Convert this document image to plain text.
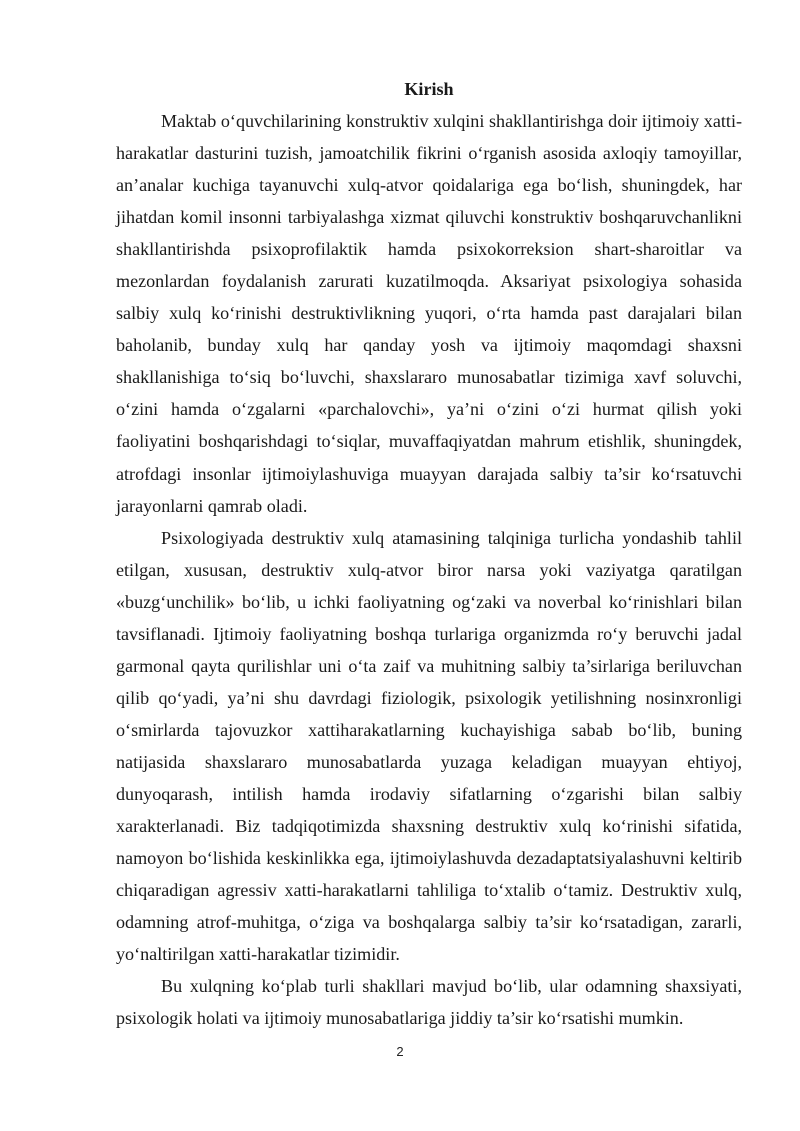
Kirish

Maktab o‘quvchilarining konstruktiv xulqini shakllantirishga doir ijtimoiy xatti-harakatlar dasturini tuzish, jamoatchilik fikrini o‘rganish asosida axloqiy tamoyillar, an’analar kuchiga tayanuvchi xulq-atvor qoidalariga ega bo‘lish, shuningdek, har jihatdan komil insonni tarbiyalashga xizmat qiluvchi konstruktiv boshqaruvchanlikni shakllantirishda psixoprofilaktik hamda psixokorreksion shart-sharoitlar va mezonlardan foydalanish zarurati kuzatilmoqda. Aksariyat psixologiya sohasida salbiy xulq ko‘rinishi destruktivlikning yuqori, o‘rta hamda past darajalari bilan baholanib, bunday xulq har qanday yosh va ijtimoiy maqomdagi shaxsni shakllanishiga to‘siq bo‘luvchi, shaxslararo munosabatlar tizimiga xavf soluvchi, o‘zini hamda o‘zgalarni «parchalovchi», ya’ni o‘zini o‘zi hurmat qilish yoki faoliyatini boshqarishdagi to‘siqlar, muvaffaqiyatdan mahrum etishlik, shuningdek, atrofdagi insonlar ijtimoiylashuviga muayyan darajada salbiy ta’sir ko‘rsatuvchi jarayonlarni qamrab oladi.

Psixologiyada destruktiv xulq atamasining talqiniga turlicha yondashib tahlil etilgan, xususan, destruktiv xulq-atvor biror narsa yoki vaziyatga qaratilgan «buzg‘unchilik» bo‘lib, u ichki faoliyatning og‘zaki va noverbal ko‘rinishlari bilan tavsiflanadi. Ijtimoiy faoliyatning boshqa turlariga organizmda ro‘y beruvchi jadal garmonal qayta qurilishlar uni o‘ta zaif va muhitning salbiy ta’sirlariga beriluvchan qilib qo‘yadi, ya’ni shu davrdagi fiziologik, psixologik yetilishning nosinxronligi o‘smirlarda tajovuzkor xattiharakatlarning kuchayishiga sabab bo‘lib, buning natijasida shaxslararo munosabatlarda yuzaga keladigan muayyan ehtiyoj, dunyoqarash, intilish hamda irodaviy sifatlarning o‘zgarishi bilan salbiy xarakterlanadi. Biz tadqiqotimizda shaxsning destruktiv xulq ko‘rinishi sifatida, namoyon bo‘lishida keskinlikka ega, ijtimoiylashuvda dezadaptatsiyalashuvni keltirib chiqaradigan agressiv xatti-harakatlarni tahliliga to‘xtalib o‘tamiz. Destruktiv xulq, odamning atrof-muhitga, o‘ziga va boshqalarga salbiy ta’sir ko‘rsatadigan, zararli, yo‘naltirilgan xatti-harakatlar tizimidir.

Bu xulqning ko‘plab turli shakllari mavjud bo‘lib, ular odamning shaxsiyati, psixologik holati va ijtimoiy munosabatlariga jiddiy ta’sir ko‘rsatishi mumkin.

2
